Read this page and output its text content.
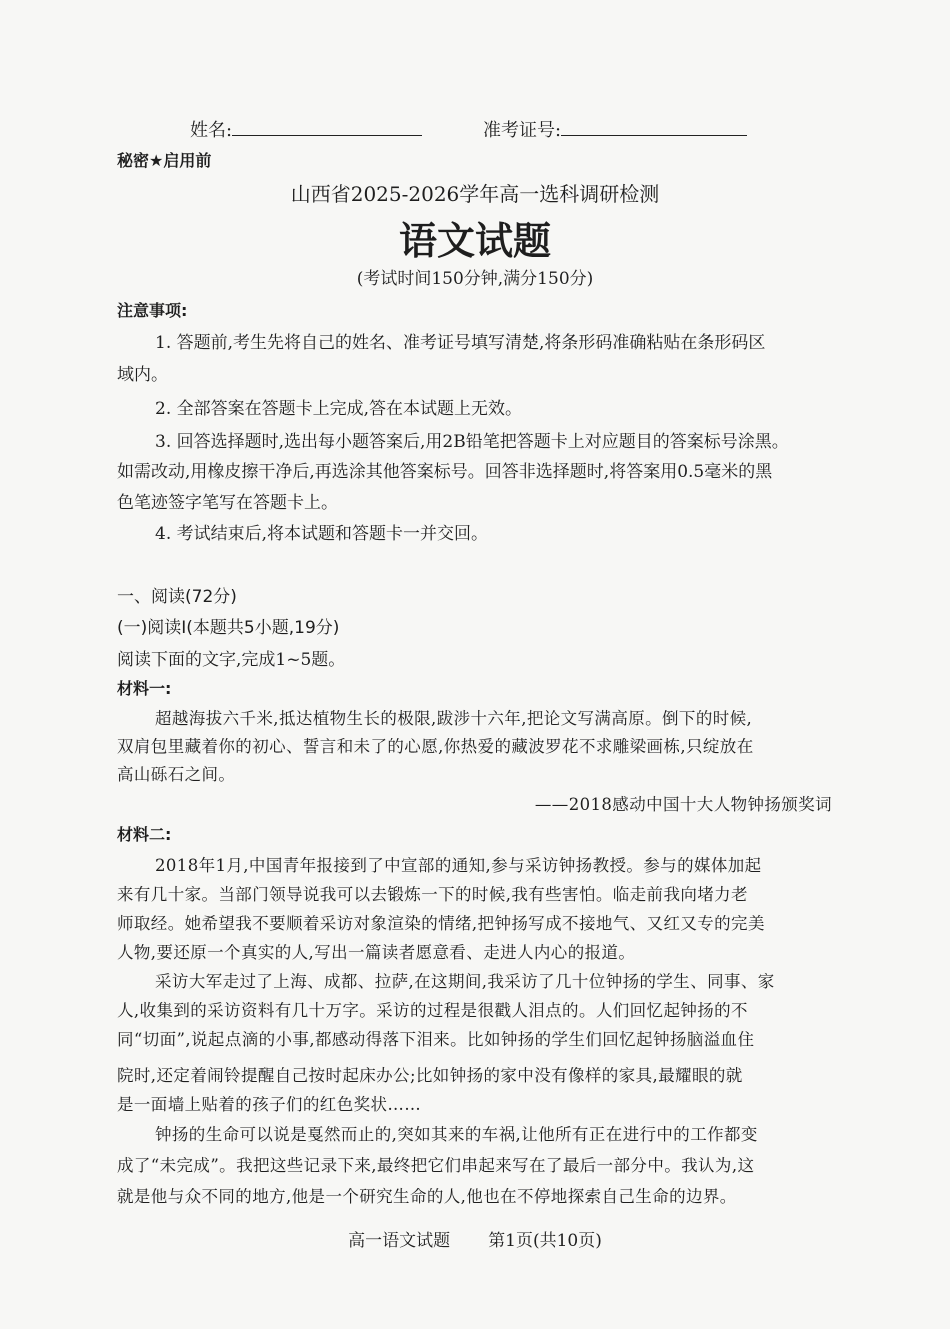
姓名:	准考证号:
秘密★启用前
山西省2025-2026学年高一选科调研检测
语文试题
(考试时间150分钟,满分150分)
注意事项:
1. 答题前,考生先将自己的姓名、准考证号填写清楚,将条形码准确粘贴在条形码区
域内。
2. 全部答案在答题卡上完成,答在本试题上无效。
3. 回答选择题时,选出每小题答案后,用2B铅笔把答题卡上对应题目的答案标号涂黑。
如需改动,用橡皮擦干净后,再选涂其他答案标号。回答非选择题时,将答案用0.5毫米的黑
色笔迹签字笔写在答题卡上。
4. 考试结束后,将本试题和答题卡一并交回。
一、阅读(72分)
(一)阅读Ⅰ(本题共5小题,19分)
阅读下面的文字,完成1~5题。
材料一:
超越海拔六千米,抵达植物生长的极限,跋涉十六年,把论文写满高原。倒下的时候,
双肩包里藏着你的初心、誓言和未了的心愿,你热爱的藏波罗花不求雕梁画栋,只绽放在
高山砾石之间。
——2018感动中国十大人物钟扬颁奖词
材料二:
2018年1月,中国青年报接到了中宣部的通知,参与采访钟扬教授。参与的媒体加起
来有几十家。当部门领导说我可以去锻炼一下的时候,我有些害怕。临走前我向堵力老
师取经。她希望我不要顺着采访对象渲染的情绪,把钟扬写成不接地气、又红又专的完美
人物,要还原一个真实的人,写出一篇读者愿意看、走进人内心的报道。
采访大军走过了上海、成都、拉萨,在这期间,我采访了几十位钟扬的学生、同事、家
人,收集到的采访资料有几十万字。采访的过程是很戳人泪点的。人们回忆起钟扬的不
同“切面”,说起点滴的小事,都感动得落下泪来。比如钟扬的学生们回忆起钟扬脑溢血住
院时,还定着闹铃提醒自己按时起床办公;比如钟扬的家中没有像样的家具,最耀眼的就
是一面墙上贴着的孩子们的红色奖状……
钟扬的生命可以说是戛然而止的,突如其来的车祸,让他所有正在进行中的工作都变
成了“未完成”。我把这些记录下来,最终把它们串起来写在了最后一部分中。我认为,这
就是他与众不同的地方,他是一个研究生命的人,他也在不停地探索自己生命的边界。
高一语文试题 第1页(共10页)
